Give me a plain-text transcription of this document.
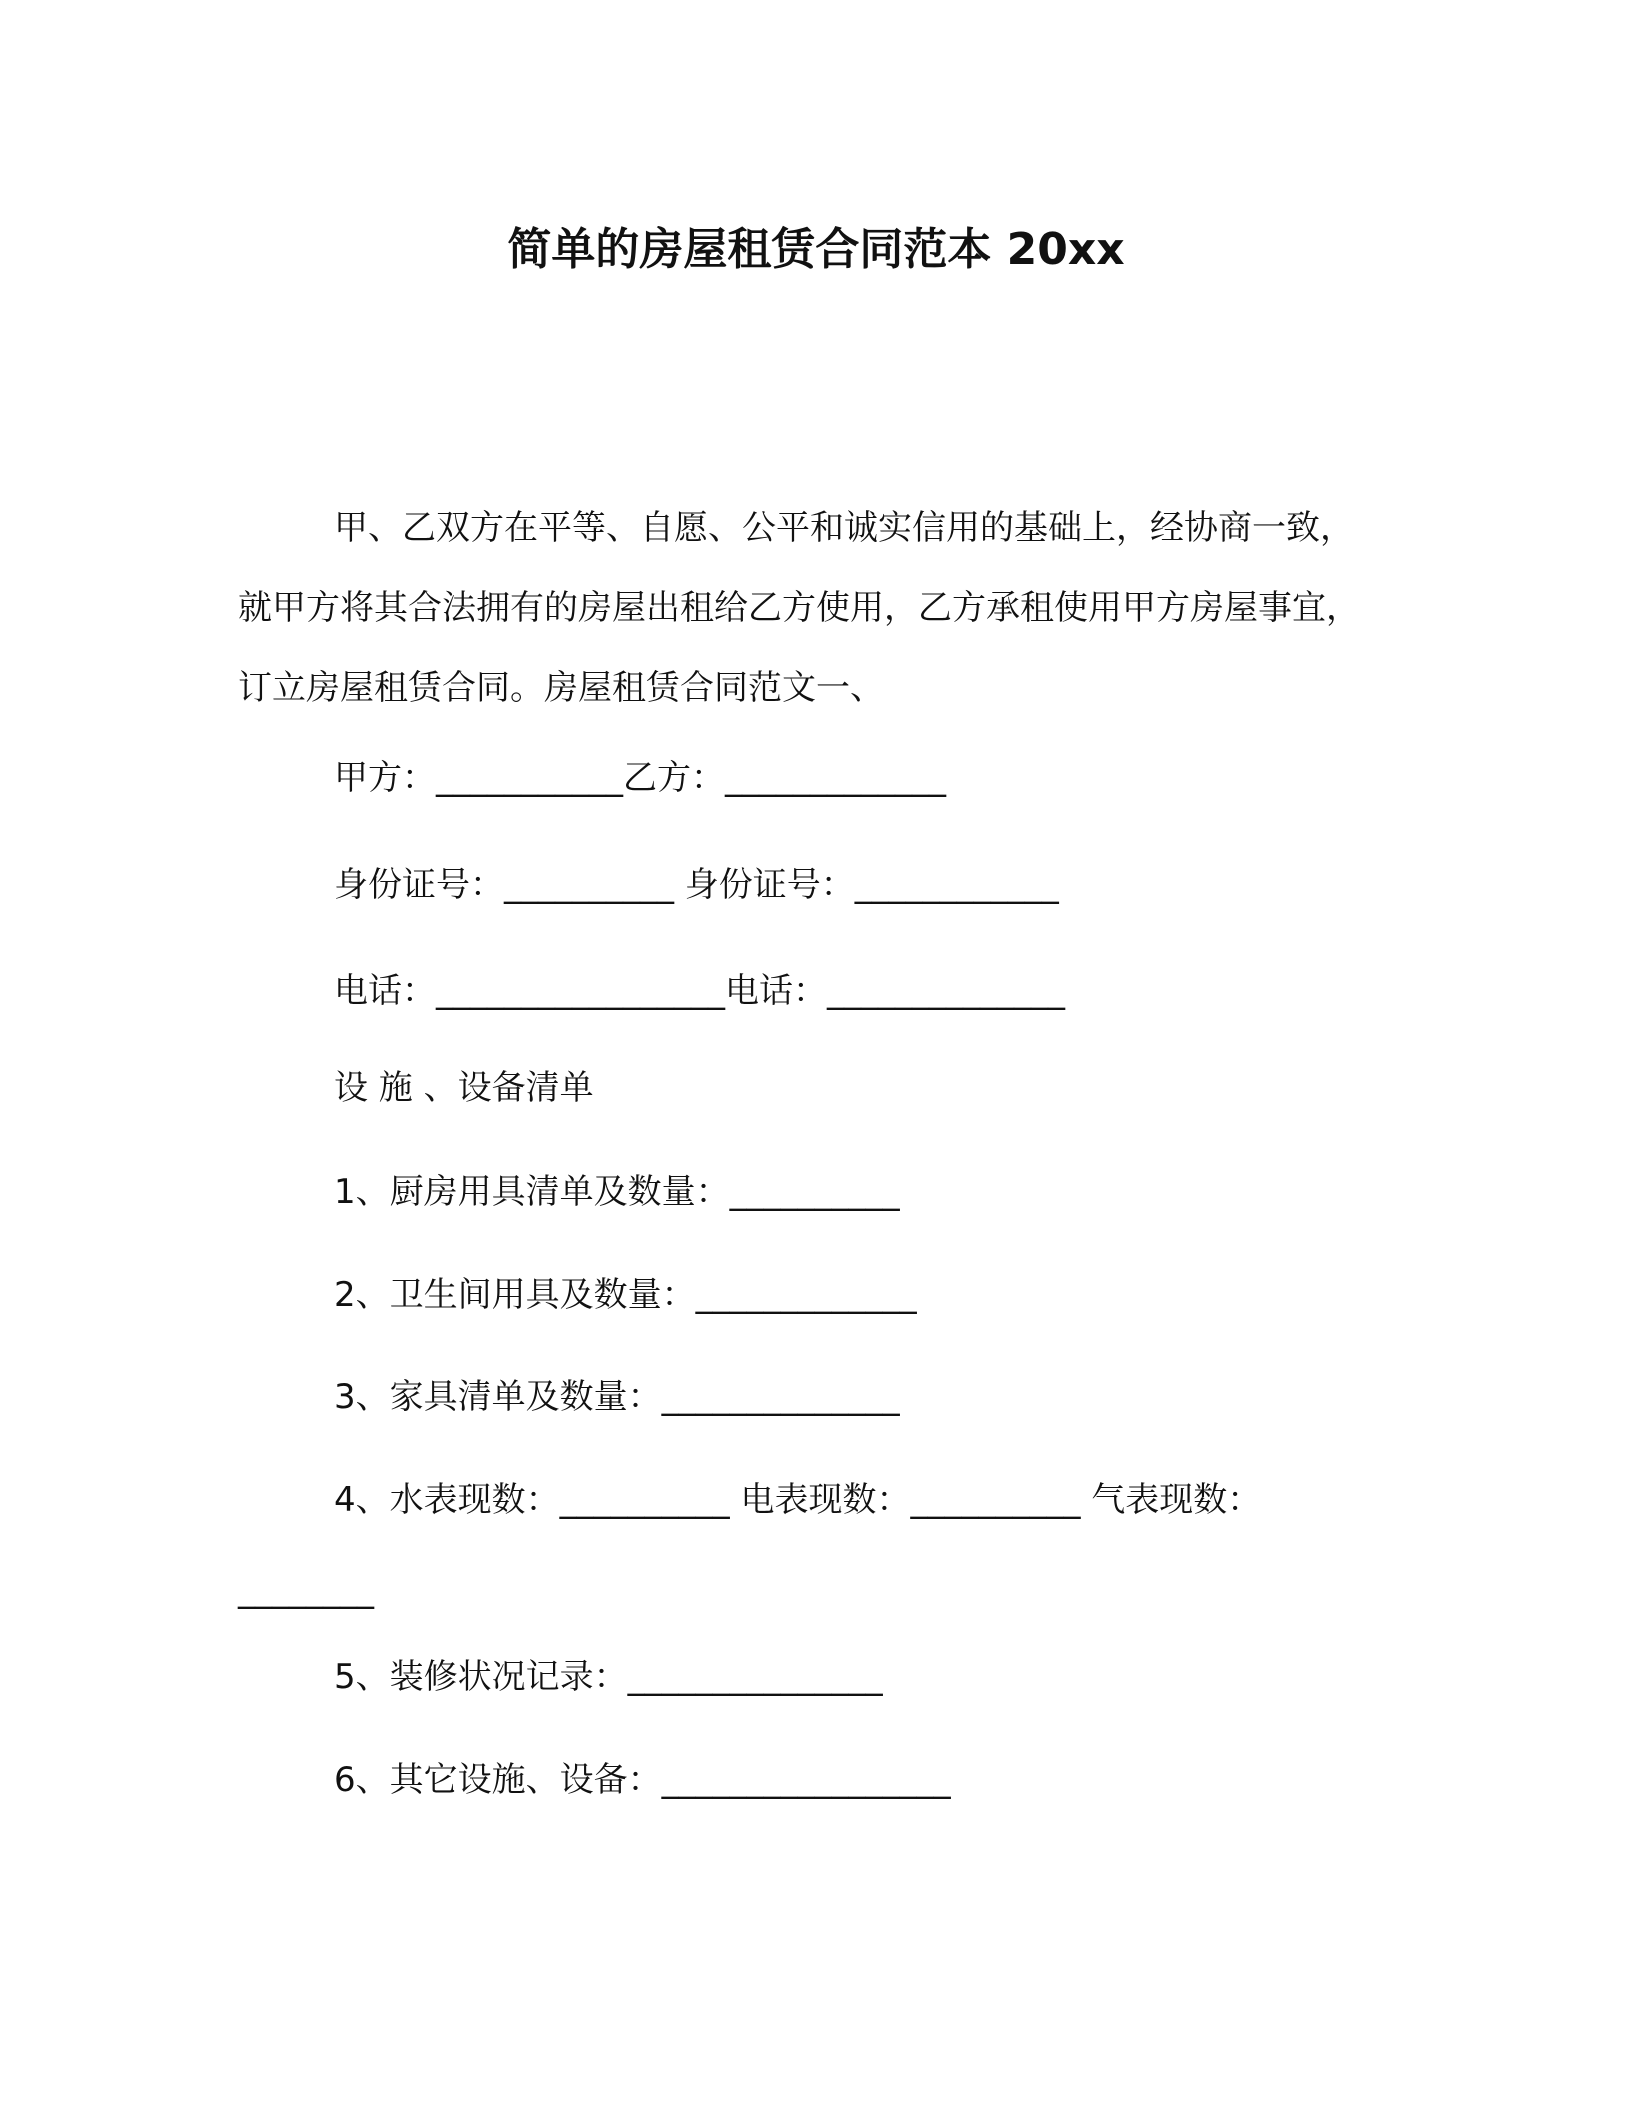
简单的房屋租赁合同范本 20xx
甲、乙双方在平等、自愿、公平和诚实信用的基础上，经协商一致，就甲方将其合法拥有的房屋出租给乙方使用，乙方承租使用甲方房屋事宜，订立房屋租赁合同。房屋租赁合同范文一、
甲方：___________乙方：_____________
身份证号：__________ 身份证号：____________
电话：_________________电话：______________
设 施 、设备清单
1、厨房用具清单及数量：__________
2、卫生间用具及数量：_____________
3、家具清单及数量：______________
4、水表现数：__________ 电表现数：__________ 气表现数：
________
5、装修状况记录：_______________
6、其它设施、设备：_________________
